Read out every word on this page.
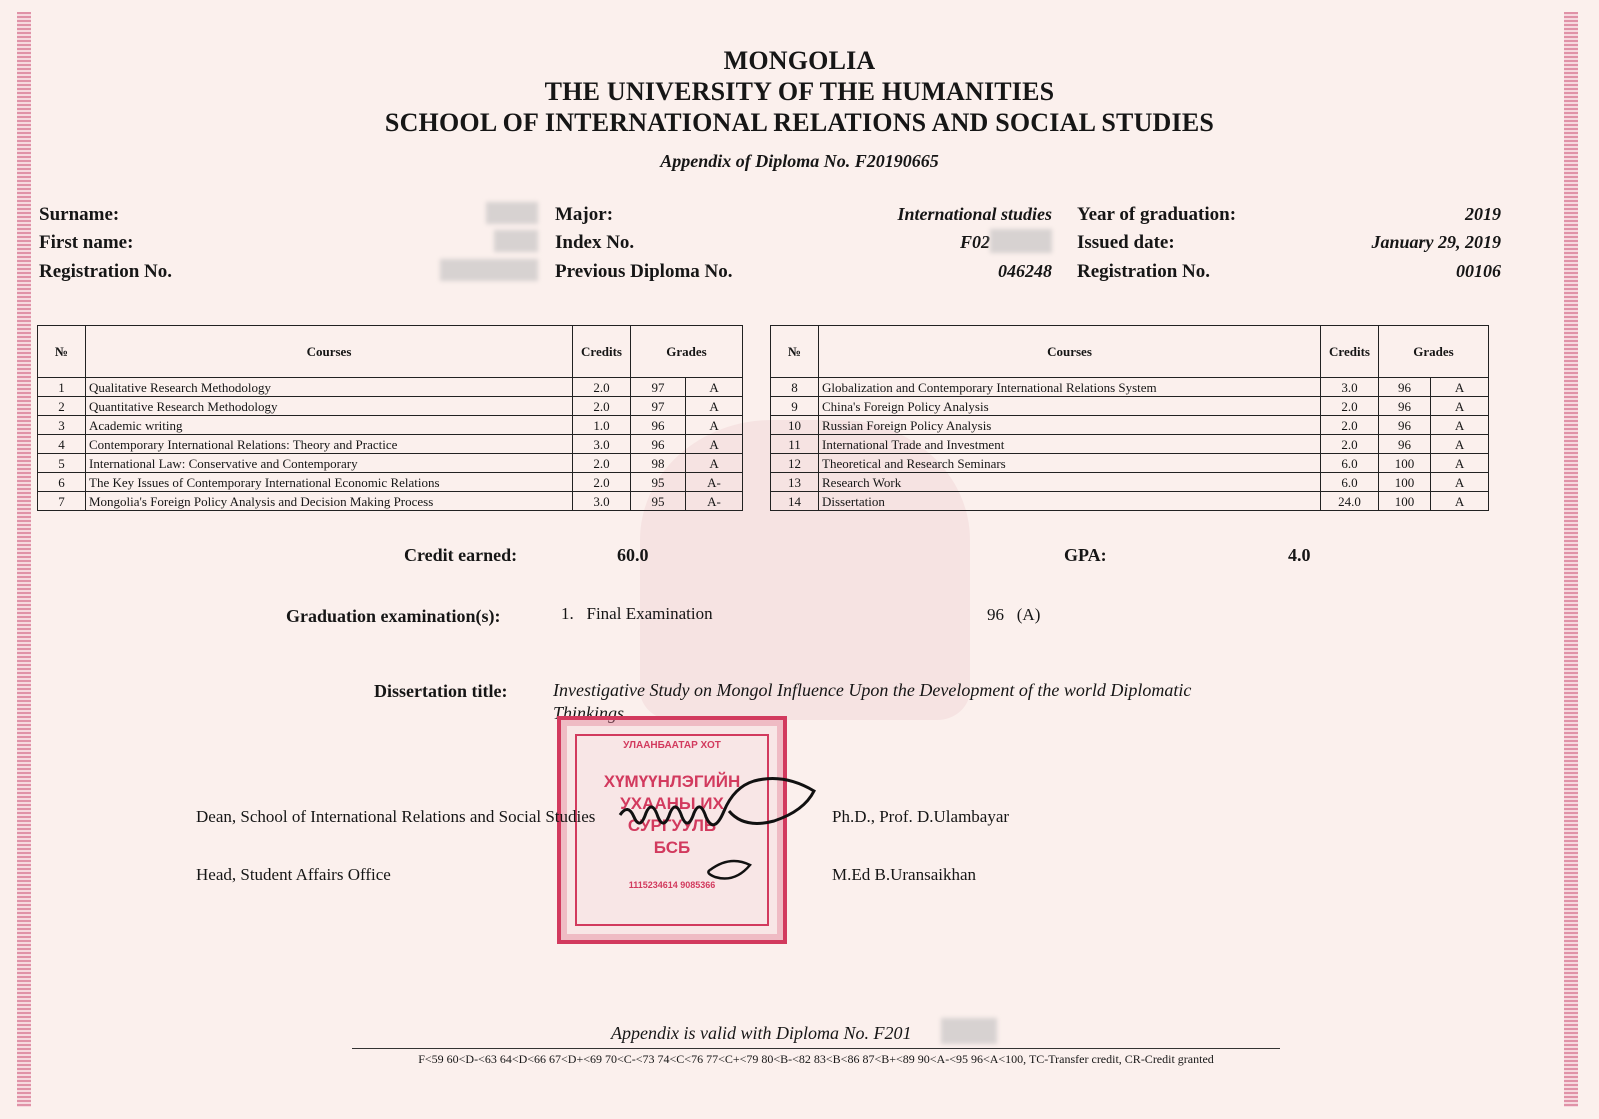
MONGOLIA
THE UNIVERSITY OF THE HUMANITIES
SCHOOL OF INTERNATIONAL RELATIONS AND SOCIAL STUDIES
Appendix of Diploma No. F20190665
Surname:
First name:
Registration No.
Major:	International studies
Index No.	F02
Previous Diploma No.	046248
Year of graduation:	2019
Issued date:	January 29, 2019
Registration No.	00106
№	Courses	Credits	Grades	
1	Qualitative Research Methodology	2.0	97	A
2	Quantitative Research Methodology	2.0	97	A
3	Academic writing	1.0	96	A
4	Contemporary International Relations: Theory and Practice	3.0	96	A
5	International Law: Conservative and Contemporary	2.0	98	A
6	The Key Issues of Contemporary International Economic Relations	2.0	95	A-
7	Mongolia's Foreign Policy Analysis and Decision Making Process	3.0	95	A-
№	Courses	Credits	Grades	
8	Globalization and Contemporary International Relations System	3.0	96	A
9	China's Foreign Policy Analysis	2.0	96	A
10	Russian Foreign Policy Analysis	2.0	96	A
11	International Trade and Investment	2.0	96	A
12	Theoretical and Research Seminars	6.0	100	A
13	Research Work	6.0	100	A
14	Dissertation	24.0	100	A
Credit earned:	60.0	GPA:	4.0
Graduation examination(s):	1.   Final Examination	96   (A)
Dissertation title:	Investigative Study on Mongol Influence Upon the Development of the world Diplomatic
Thinkings
УЛААНБААТАР ХОТ
ХҮМҮҮНЛЭГИЙН
УХААНЫ ИХ
СУРГУУЛЬ
БСБ
1115234614 9085366
Dean, School of International Relations and Social Studies	Ph.D., Prof. D.Ulambayar
Head, Student Affairs Office	M.Ed B.Uransaikhan
Appendix is valid with Diploma No. F201
F<59 60<D-<63 64<D<66 67<D+<69 70<C-<73 74<C<76 77<C+<79 80<B-<82 83<B<86 87<B+<89 90<A-<95 96<A<100, TC-Transfer credit, CR-Credit granted
